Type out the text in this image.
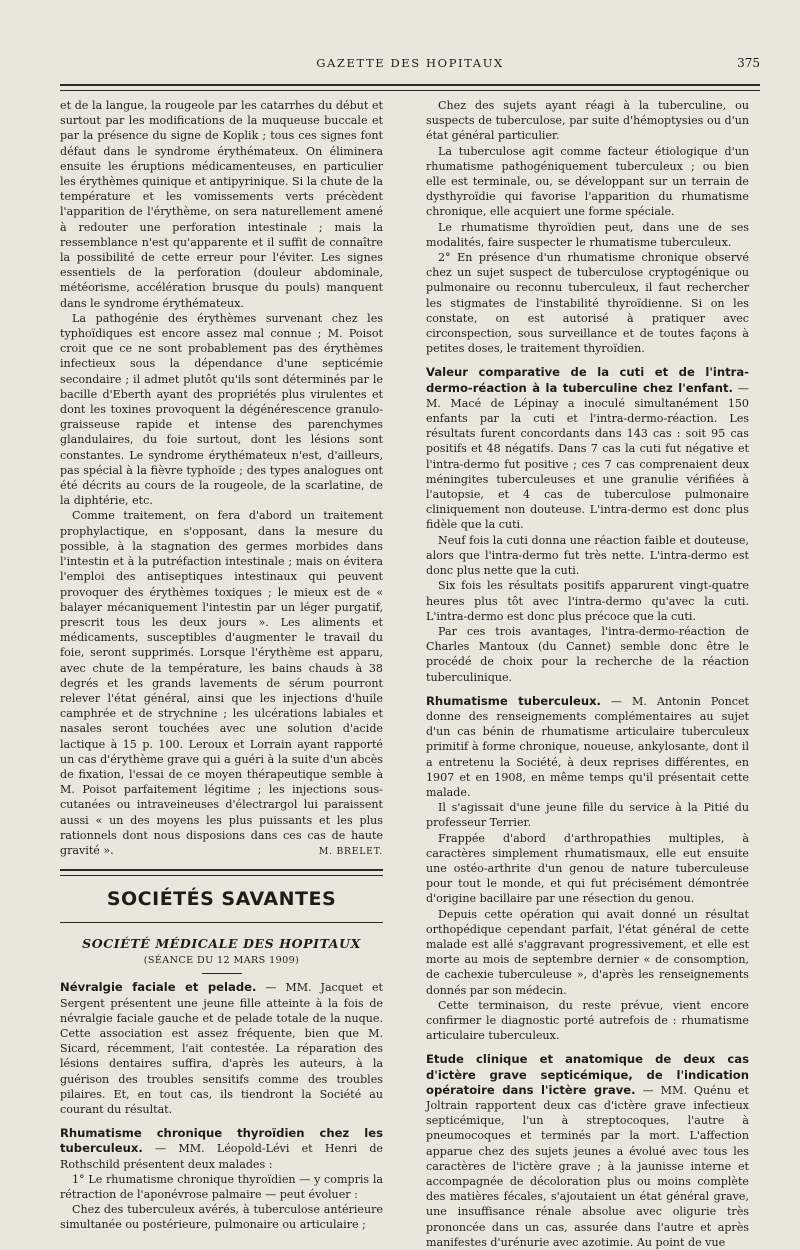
GAZETTE DES HOPITAUX	375

et de la langue, la rougeole par les catarrhes du début et surtout par les modifications de la muqueuse buccale et par la présence du signe de Koplik ; tous ces signes font défaut dans le syndrome érythémateux. On éliminera ensuite les éruptions médicamenteuses, en particulier les érythèmes quinique et antipyrinique. Si la chute de la température et les vomissements verts précèdent l'apparition de l'érythème, on sera naturellement amené à redouter une perforation intestinale ; mais la ressemblance n'est qu'apparente et il suffit de connaître la possibilité de cette erreur pour l'éviter. Les signes essentiels de la perforation (douleur abdominale, météorisme, accélération brusque du pouls) manquent dans le syndrome érythémateux.

La pathogénie des érythèmes survenant chez les typhoïdiques est encore assez mal connue ; M. Poisot croit que ce ne sont probablement pas des érythèmes infectieux sous la dépendance d'une septicémie secondaire ; il admet plutôt qu'ils sont déterminés par le bacille d'Eberth ayant des propriétés plus virulentes et dont les toxines provoquent la dégénérescence granulo-graisseuse rapide et intense des parenchymes glandulaires, du foie surtout, dont les lésions sont constantes. Le syndrome érythémateux n'est, d'ailleurs, pas spécial à la fièvre typhoïde ; des types analogues ont été décrits au cours de la rougeole, de la scarlatine, de la diphtérie, etc.

Comme traitement, on fera d'abord un traitement prophylactique, en s'opposant, dans la mesure du possible, à la stagnation des germes morbides dans l'intestin et à la putréfaction intestinale ; mais on évitera l'emploi des antiseptiques intestinaux qui peuvent provoquer des érythèmes toxiques ; le mieux est de « balayer mécaniquement l'intestin par un léger purgatif, prescrit tous les deux jours ». Les aliments et médicaments, susceptibles d'augmenter le travail du foie, seront supprimés. Lorsque l'érythème est apparu, avec chute de la température, les bains chauds à 38 degrés et les grands lavements de sérum pourront relever l'état général, ainsi que les injections d'huile camphrée et de strychnine ; les ulcérations labiales et nasales seront touchées avec une solution d'acide lactique à 15 p. 100. Leroux et Lorrain ayant rapporté un cas d'érythème grave qui a guéri à la suite d'un abcès de fixation, l'essai de ce moyen thérapeutique semble à M. Poisot parfaitement légitime ; les injections sous-cutanées ou intraveineuses d'électrargol lui paraissent aussi « un des moyens les plus puissants et les plus rationnels dont nous disposions dans ces cas de haute gravité ».	M. BRELET.

SOCIÉTÉS SAVANTES
SOCIÉTÉ MÉDICALE DES HOPITAUX
(SÉANCE DU 12 MARS 1909)

Névralgie faciale et pelade. — MM. Jacquet et Sergent présentent une jeune fille atteinte à la fois de névralgie faciale gauche et de pelade totale de la nuque. Cette association est assez fréquente, bien que M. Sicard, récemment, l'ait contestée. La réparation des lésions dentaires suffira, d'après les auteurs, à la guérison des troubles sensitifs comme des troubles pilaires. Et, en tout cas, ils tiendront la Société au courant du résultat.

Rhumatisme chronique thyroïdien chez les tuberculeux. — MM. Léopold-Lévi et Henri de Rothschild présentent deux malades :

1° Le rhumatisme chronique thyroïdien — y compris la rétraction de l'aponévrose palmaire — peut évoluer :

Chez des tuberculeux avérés, à tuberculose antérieure simultanée ou postérieure, pulmonaire ou articulaire ;

Chez des sujets ayant réagi à la tuberculine, ou suspects de tuberculose, par suite d'hémoptysies ou d'un état général particulier.

La tuberculose agit comme facteur étiologique d'un rhumatisme pathogéniquement tuberculeux ; ou bien elle est terminale, ou, se développant sur un terrain de dysthyroïdie qui favorise l'apparition du rhumatisme chronique, elle acquiert une forme spéciale.

Le rhumatisme thyroïdien peut, dans une de ses modalités, faire suspecter le rhumatisme tuberculeux.

2° En présence d'un rhumatisme chronique observé chez un sujet suspect de tuberculose cryptogénique ou pulmonaire ou reconnu tuberculeux, il faut rechercher les stigmates de l'instabilité thyroïdienne. Si on les constate, on est autorisé à pratiquer avec circonspection, sous surveillance et de toutes façons à petites doses, le traitement thyroïdien.

Valeur comparative de la cuti et de l'intra-dermo-réaction à la tuberculine chez l'enfant. — M. Macé de Lépinay a inoculé simultanément 150 enfants par la cuti et l'intra-dermo-réaction. Les résultats furent concordants dans 143 cas : soit 95 cas positifs et 48 négatifs. Dans 7 cas la cuti fut négative et l'intra-dermo fut positive ; ces 7 cas comprenaient deux méningites tuberculeuses et une granulie vérifiées à l'autopsie, et 4 cas de tuberculose pulmonaire cliniquement non douteuse. L'intra-dermo est donc plus fidèle que la cuti.

Neuf fois la cuti donna une réaction faible et douteuse, alors que l'intra-dermo fut très nette. L'intra-dermo est donc plus nette que la cuti.

Six fois les résultats positifs apparurent vingt-quatre heures plus tôt avec l'intra-dermo qu'avec la cuti. L'intra-dermo est donc plus précoce que la cuti.

Par ces trois avantages, l'intra-dermo-réaction de Charles Mantoux (du Cannet) semble donc être le procédé de choix pour la recherche de la réaction tuberculinique.

Rhumatisme tuberculeux. — M. Antonin Poncet donne des renseignements complémentaires au sujet d'un cas bénin de rhumatisme articulaire tuberculeux primitif à forme chronique, noueuse, ankylosante, dont il a entretenu la Société, à deux reprises différentes, en 1907 et en 1908, en même temps qu'il présentait cette malade.

Il s'agissait d'une jeune fille du service à la Pitié du professeur Terrier.

Frappée d'abord d'arthropathies multiples, à caractères simplement rhumatismaux, elle eut ensuite une ostéo-arthrite d'un genou de nature tuberculeuse pour tout le monde, et qui fut précisément démontrée d'origine bacillaire par une résection du genou.

Depuis cette opération qui avait donné un résultat orthopédique cependant parfait, l'état général de cette malade est allé s'aggravant progressivement, et elle est morte au mois de septembre dernier « de consomption, de cachexie tuberculeuse », d'après les renseignements donnés par son médecin.

Cette terminaison, du reste prévue, vient encore confirmer le diagnostic porté autrefois de : rhumatisme articulaire tuberculeux.

Etude clinique et anatomique de deux cas d'ictère grave septicémique, de l'indication opératoire dans l'ictère grave. — MM. Quénu et Joltrain rapportent deux cas d'ictère grave infectieux septicémique, l'un à streptocoques, l'autre à pneumocoques et terminés par la mort. L'affection apparue chez des sujets jeunes a évolué avec tous les caractères de l'ictère grave ; à la jaunisse interne et accompagnée de décoloration plus ou moins complète des matières fécales, s'ajoutaient un état général grave, une insuffisance rénale absolue avec oligurie très prononcée dans un cas, assurée dans l'autre et après manifestes d'urénurie avec azotimie. Au point de vue
